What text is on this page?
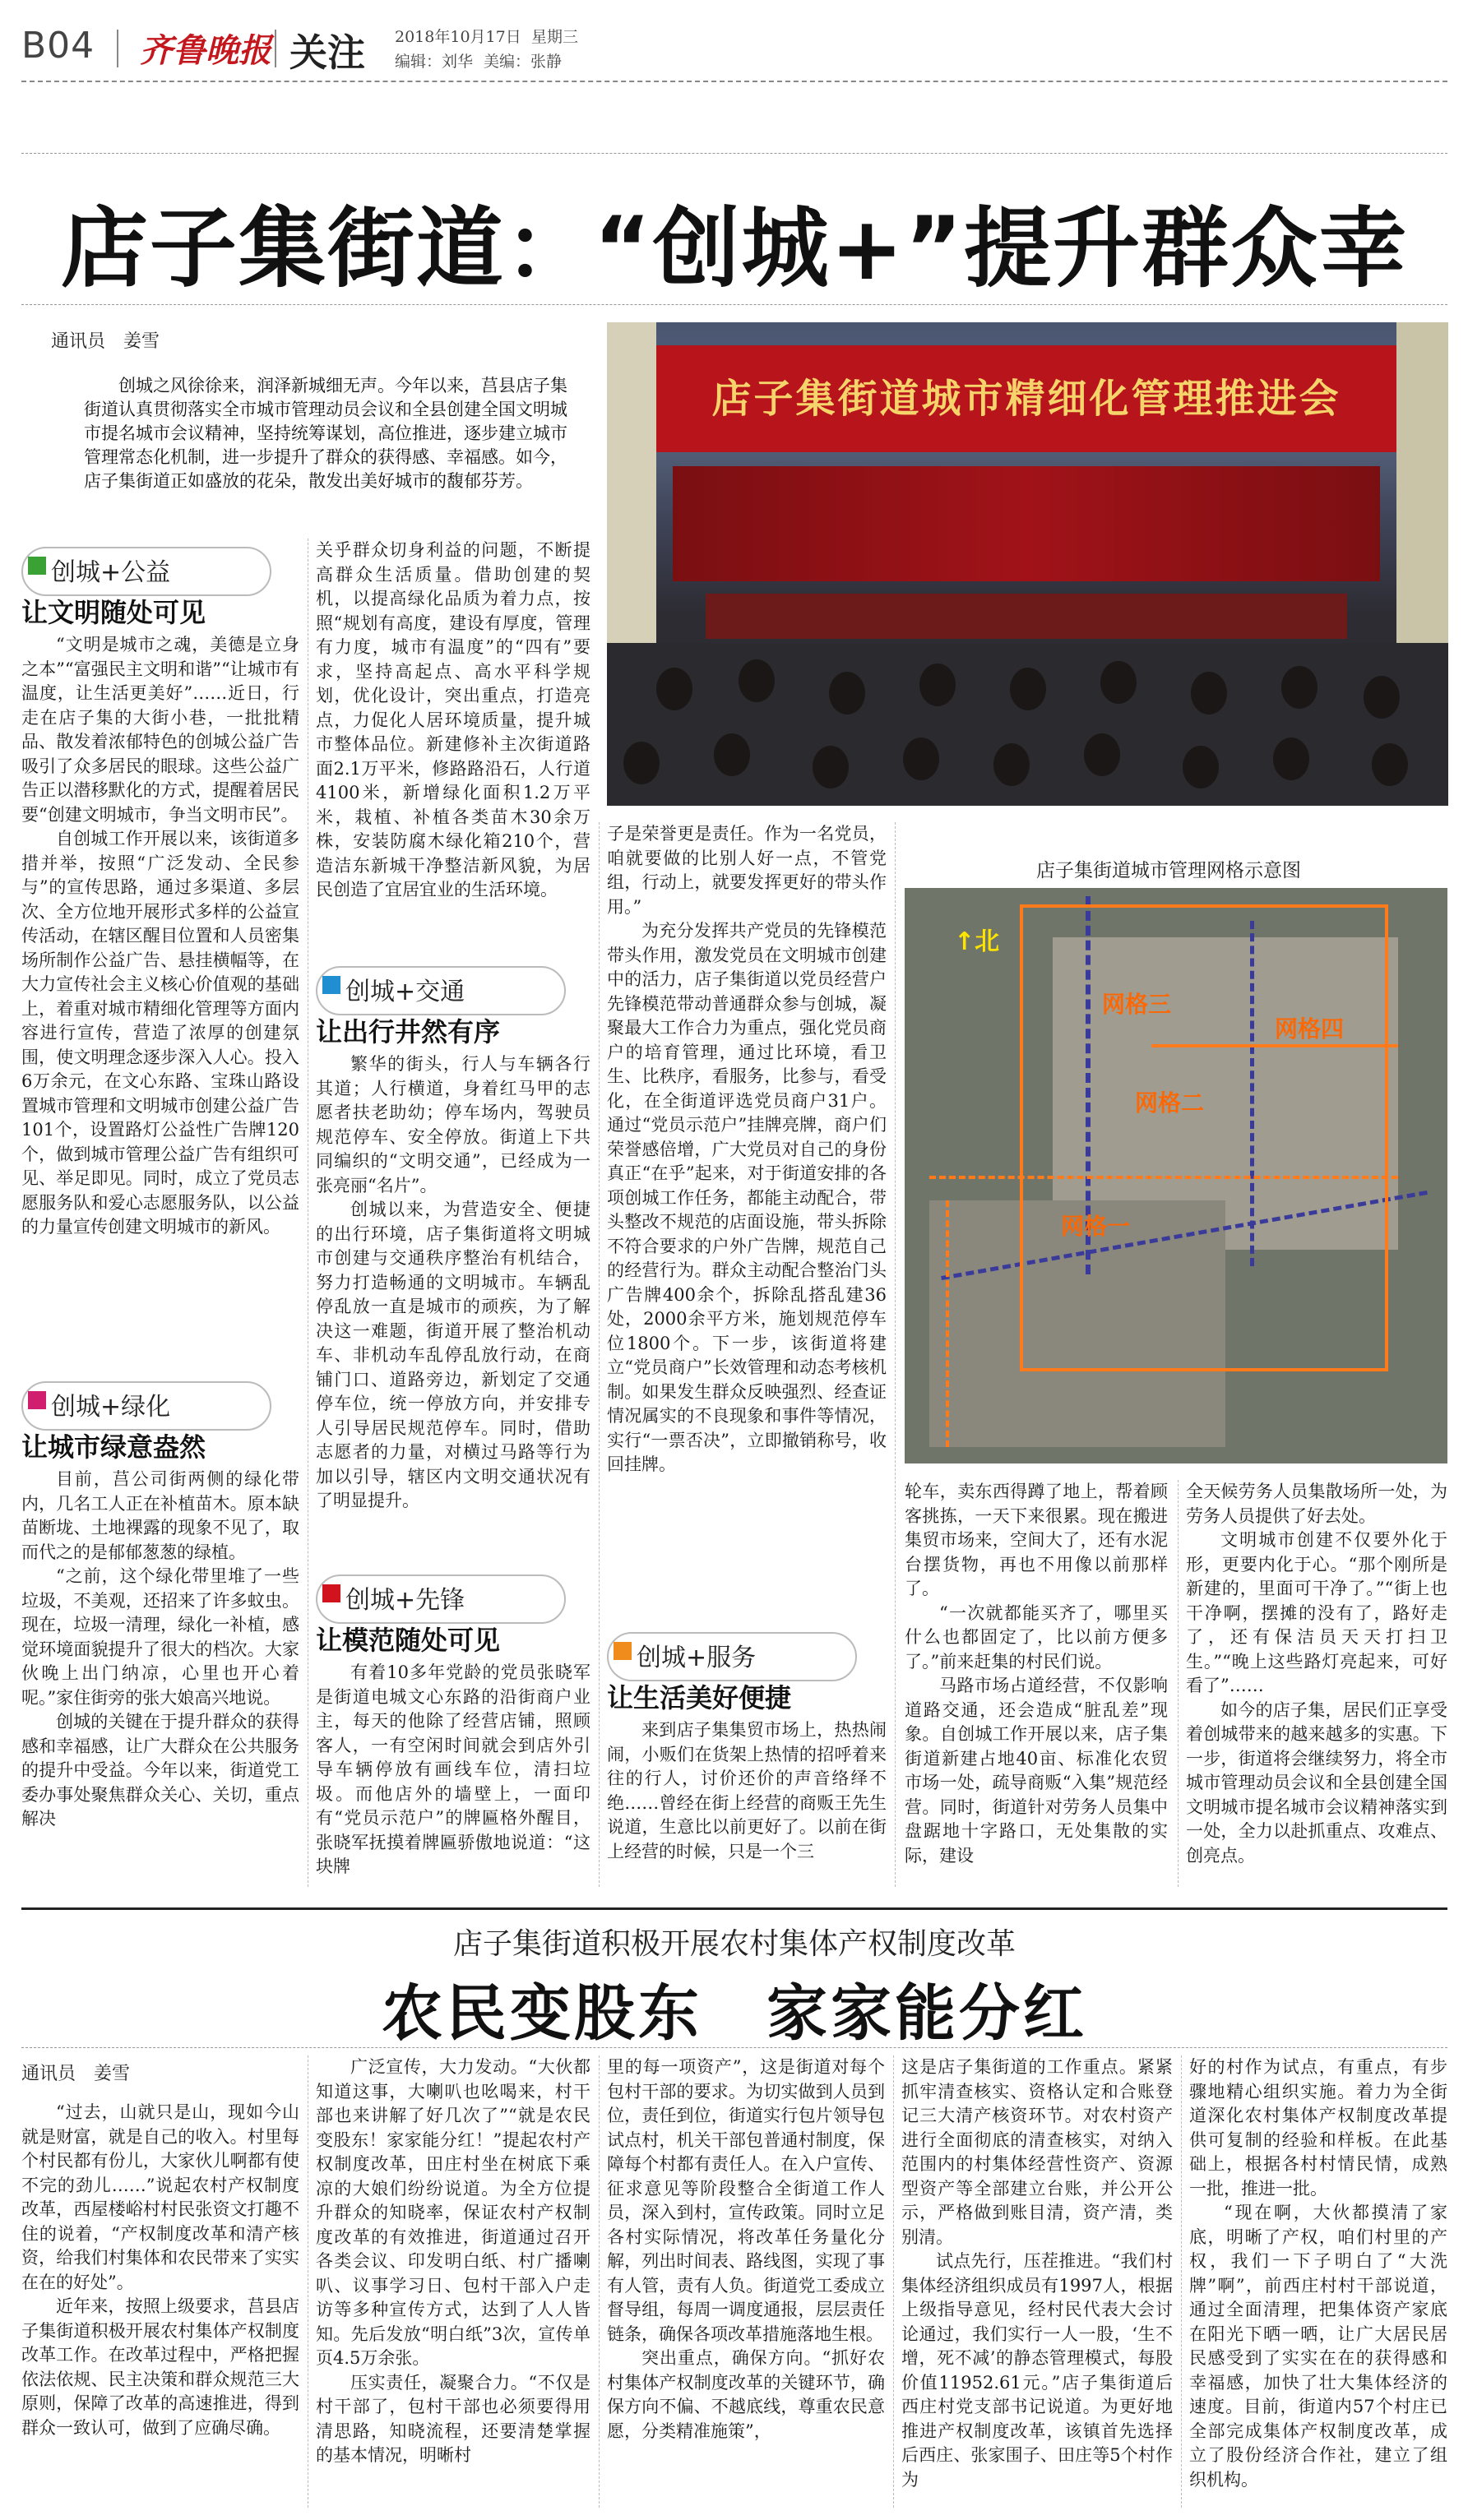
B04 齐鲁晚报 关注 2018年10月17日 星期三
编辑：刘华 美编：张静
店子集街道：“创城+”提升群众幸
通讯员　姜雪

创城之风徐徐来，润泽新城细无声。今年以来，莒县店子集街道认真贯彻落实全市城市管理动员会议和全县创建全国文明城市提名城市会议精神，坚持统筹谋划，高位推进，逐步建立城市管理常态化机制，进一步提升了群众的获得感、幸福感。如今，店子集街道正如盛放的花朵，散发出美好城市的馥郁芬芳。

店子集街道城市精细化管理推进会
创城+公益
让文明随处可见

“文明是城市之魂，美德是立身之本”“富强民主文明和谐”“让城市有温度，让生活更美好”……近日，行走在店子集的大街小巷，一批批精品、散发着浓郁特色的创城公益广告吸引了众多居民的眼球。这些公益广告正以潜移默化的方式，提醒着居民要“创建文明城市，争当文明市民”。

自创城工作开展以来，该街道多措并举，按照“广泛发动、全民参与”的宣传思路，通过多渠道、多层次、全方位地开展形式多样的公益宣传活动，在辖区醒目位置和人员密集场所制作公益广告、悬挂横幅等，在大力宣传社会主义核心价值观的基础上，着重对城市精细化管理等方面内容进行宣传，营造了浓厚的创建氛围，使文明理念逐步深入人心。投入6万余元，在文心东路、宝珠山路设置城市管理和文明城市创建公益广告101个，设置路灯公益性广告牌120个，做到城市管理公益广告有组织可见、举足即见。同时，成立了党员志愿服务队和爱心志愿服务队，以公益的力量宣传创建文明城市的新风。

创城+绿化
让城市绿意盎然

目前，莒公司街两侧的绿化带内，几名工人正在补植苗木。原本缺苗断垅、土地裸露的现象不见了，取而代之的是郁郁葱葱的绿植。

“之前，这个绿化带里堆了一些垃圾，不美观，还招来了许多蚊虫。现在，垃圾一清理，绿化一补植，感觉环境面貌提升了很大的档次。大家伙晚上出门纳凉，心里也开心着呢。”家住街旁的张大娘高兴地说。

创城的关键在于提升群众的获得感和幸福感，让广大群众在公共服务的提升中受益。今年以来，街道党工委办事处聚焦群众关心、关切，重点解决

关乎群众切身利益的问题，不断提高群众生活质量。借助创建的契机，以提高绿化品质为着力点，按照“规划有高度，建设有厚度，管理有力度，城市有温度”的“四有”要求，坚持高起点、高水平科学规划，优化设计，突出重点，打造亮点，力促化人居环境质量，提升城市整体品位。新建修补主次街道路面2.1万平米，修路路沿石，人行道4100米，新增绿化面积1.2万平米，栽植、补植各类苗木30余万株，安装防腐木绿化箱210个，营造洁东新城干净整洁新风貌，为居民创造了宜居宜业的生活环境。

创城+交通
让出行井然有序

繁华的街头，行人与车辆各行其道；人行横道，身着红马甲的志愿者扶老助幼；停车场内，驾驶员规范停车、安全停放。街道上下共同编织的“文明交通”，已经成为一张亮丽“名片”。

创城以来，为营造安全、便捷的出行环境，店子集街道将文明城市创建与交通秩序整治有机结合，努力打造畅通的文明城市。车辆乱停乱放一直是城市的顽疾，为了解决这一难题，街道开展了整治机动车、非机动车乱停乱放行动，在商铺门口、道路旁边，新划定了交通停车位，统一停放方向，并安排专人引导居民规范停车。同时，借助志愿者的力量，对横过马路等行为加以引导，辖区内文明交通状况有了明显提升。

创城+先锋
让模范随处可见

有着10多年党龄的党员张晓军是街道电城文心东路的沿街商户业主，每天的他除了经营店铺，照顾客人，一有空闲时间就会到店外引导车辆停放有画线车位，清扫垃圾。而他店外的墙壁上，一面印有“党员示范户”的牌匾格外醒目，张晓军抚摸着牌匾骄傲地说道：“这块牌

子是荣誉更是责任。作为一名党员，咱就要做的比别人好一点，不管党组，行动上，就要发挥更好的带头作用。”

为充分发挥共产党员的先锋模范带头作用，激发党员在文明城市创建中的活力，店子集街道以党员经营户先锋模范带动普通群众参与创城，凝聚最大工作合力为重点，强化党员商户的培育管理，通过比环境，看卫生、比秩序，看服务，比参与，看受化，在全街道评选党员商户31户。通过“党员示范户”挂牌亮牌，商户们荣誉感倍增，广大党员对自己的身份真正“在乎”起来，对于街道安排的各项创城工作任务，都能主动配合，带头整改不规范的店面设施，带头拆除不符合要求的户外广告牌，规范自己的经营行为。群众主动配合整治门头广告牌400余个，拆除乱搭乱建36处，2000余平方米，施划规范停车位1800个。下一步，该街道将建立“党员商户”长效管理和动态考核机制。如果发生群众反映强烈、经查证情况属实的不良现象和事件等情况，实行“一票否决”，立即撤销称号，收回挂牌。

创城+服务
让生活美好便捷

来到店子集集贸市场上，热热闹闹，小贩们在货架上热情的招呼着来往的行人，讨价还价的声音络绎不绝……曾经在街上经营的商贩王先生说道，生意比以前更好了。以前在街上经营的时候，只是一个三

店子集街道城市管理网格示意图
网格三
网格四
网格二
网格一
↑北

轮车，卖东西得蹲了地上，帮着顾客挑拣，一天下来很累。现在搬进集贸市场来，空间大了，还有水泥台摆货物，再也不用像以前那样了。

“一次就都能买齐了，哪里买什么也都固定了，比以前方便多了。”前来赶集的村民们说。

马路市场占道经营，不仅影响道路交通，还会造成“脏乱差”现象。自创城工作开展以来，店子集街道新建占地40亩、标准化农贸市场一处，疏导商贩“入集”规范经营。同时，街道针对劳务人员集中盘踞地十字路口，无处集散的实际，建设

全天候劳务人员集散场所一处，为劳务人员提供了好去处。

文明城市创建不仅要外化于形，更要内化于心。“那个刚所是新建的，里面可干净了。”“街上也干净啊，摆摊的没有了，路好走了，还有保洁员天天打扫卫生。”“晚上这些路灯亮起来，可好看了”……

如今的店子集，居民们正享受着创城带来的越来越多的实惠。下一步，街道将会继续努力，将全市城市管理动员会议和全县创建全国文明城市提名城市会议精神落实到一处，全力以赴抓重点、攻难点、创亮点。

店子集街道积极开展农村集体产权制度改革
农民变股东　家家能分红
通讯员　姜雪

“过去，山就只是山，现如今山就是财富，就是自己的收入。村里每个村民都有份儿，大家伙儿啊都有使不完的劲儿……”说起农村产权制度改革，西屋楼峪村村民张资文打趣不住的说着，“产权制度改革和清产核资，给我们村集体和农民带来了实实在在的好处”。

近年来，按照上级要求，莒县店子集街道积极开展农村集体产权制度改革工作。在改革过程中，严格把握依法依规、民主决策和群众规范三大原则，保障了改革的高速推进，得到群众一致认可，做到了应确尽确。

广泛宣传，大力发动。“大伙都知道这事，大喇叭也吆喝来，村干部也来讲解了好几次了”“就是农民变股东！家家能分红！”提起农村产权制度改革，田庄村坐在树底下乘凉的大娘们纷纷说道。为全方位提升群众的知晓率，保证农村产权制度改革的有效推进，街道通过召开各类会议、印发明白纸、村广播喇叭、议事学习日、包村干部入户走访等多种宣传方式，达到了人人皆知。先后发放“明白纸”3次，宣传单页4.5万余张。

压实责任，凝聚合力。“不仅是村干部了，包村干部也必须要得用清思路，知晓流程，还要清楚掌握的基本情况，明晰村

里的每一项资产”，这是街道对每个包村干部的要求。为切实做到人员到位，责任到位，街道实行包片领导包试点村，机关干部包普通村制度，保障每个村都有责任人。在入户宣传、征求意见等阶段整合全街道工作人员，深入到村，宣传政策。同时立足各村实际情况，将改革任务量化分解，列出时间表、路线图，实现了事有人管，责有人负。街道党工委成立督导组，每周一调度通报，层层责任链条，确保各项改革措施落地生根。

突出重点，确保方向。“抓好农村集体产权制度改革的关键环节，确保方向不偏、不越底线，尊重农民意愿，分类精准施策”，

这是店子集街道的工作重点。紧紧抓牢清查核实、资格认定和合账登记三大清产核资环节。对农村资产进行全面彻底的清查核实，对纳入范围内的村集体经营性资产、资源型资产等全部建立台账，并公开公示，严格做到账目清，资产清，类别清。

试点先行，压茬推进。“我们村集体经济组织成员有1997人，根据上级指导意见，经村民代表大会讨论通过，我们实行一人一股，‘生不增，死不减’的静态管理模式，每股价值11952.61元。”店子集街道后西庄村党支部书记说道。为更好地推进产权制度改革，该镇首先选择后西庄、张家围子、田庄等5个村作为

好的村作为试点，有重点，有步骤地精心组织实施。着力为全街道深化农村集体产权制度改革提供可复制的经验和样板。在此基础上，根据各村村情民情，成熟一批，推进一批。

“现在啊，大伙都摸清了家底，明晰了产权，咱们村里的产权，我们一下子明白了“大洗牌”啊”，前西庄村村干部说道，通过全面清理，把集体资产家底在阳光下晒一晒，让广大居民居民感受到了实实在在的获得感和幸福感，加快了壮大集体经济的速度。目前，街道内57个村庄已全部完成集体产权制度改革，成立了股份经济合作社，建立了组织机构。
